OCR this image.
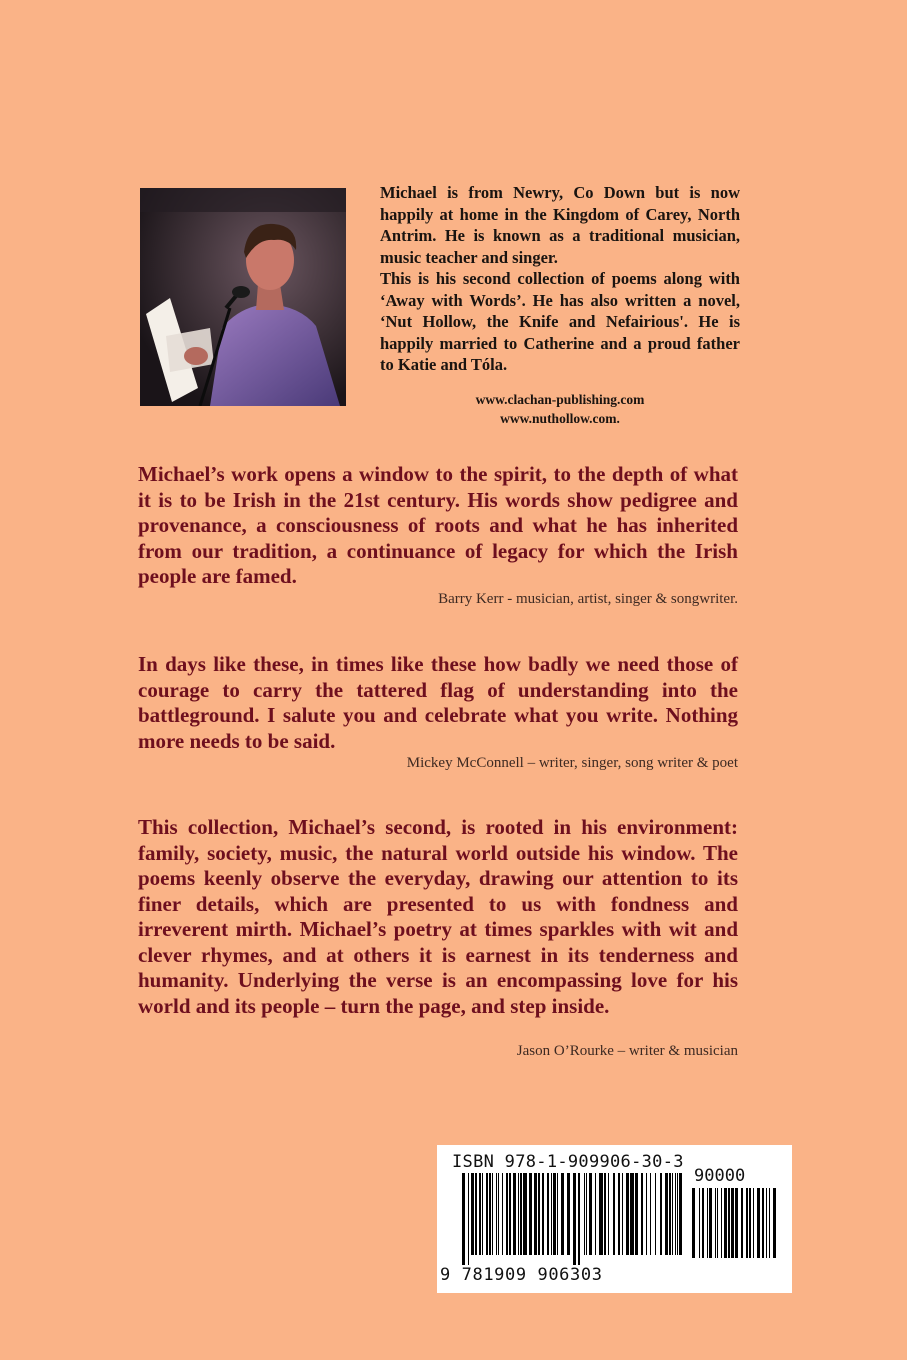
Michael is from Newry, Co Down but is now happily at home in the Kingdom of Carey, North Antrim. He is known as a traditional musician, music teacher and singer.

This is his second collection of poems along with ‘Away with Words’. He has also written a novel, ‘Nut Hollow, the Knife and Nefairious'. He is happily married to Catherine and a proud father to Katie and Tóla.

www.clachan-publishing.com
www.nuthollow.com.

Michael’s work opens a window to the spirit, to the depth of what it is to be Irish in the 21st century. His words show pedigree and provenance, a consciousness of roots and what he has inherited from our tradition, a continuance of legacy for which the Irish people are famed.

Barry Kerr - musician, artist, singer & songwriter.

In days like these, in times like these how badly we need those of courage to carry the tattered flag of understanding into the battleground. I salute you and celebrate what you write. Nothing more needs to be said.

Mickey McConnell – writer, singer, song writer & poet

This collection, Michael’s second, is rooted in his environment: family, society, music, the natural world outside his window. The poems keenly observe the everyday, drawing our attention to its finer details, which are presented to us with fondness and irreverent mirth. Michael’s poetry at times sparkles with wit and clever rhymes, and at others it is earnest in its tenderness and humanity. Underlying the verse is an encompassing love for his world and its people – turn the page, and step inside.

Jason O’Rourke – writer & musician

ISBN 978-1-909906-30-3

90000

9 781909 906303
